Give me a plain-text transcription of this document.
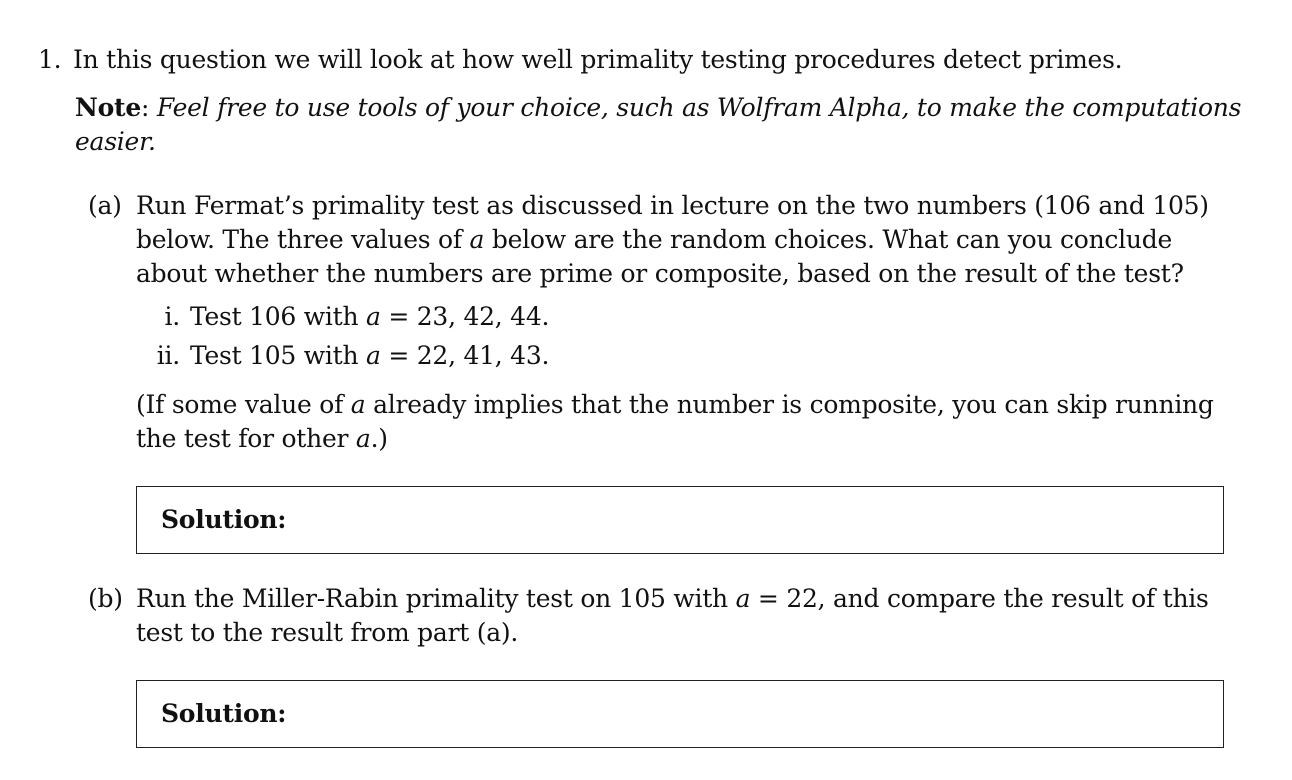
1. In this question we will look at how well primality testing procedures detect primes.
Note: Feel free to use tools of your choice, such as Wolfram Alpha, to make the computations
easier.
(a) Run Fermat’s primality test as discussed in lecture on the two numbers (106 and 105)
below. The three values of a below are the random choices. What can you conclude
about whether the numbers are prime or composite, based on the result of the test?
i. Test 106 with a = 23, 42, 44.
ii. Test 105 with a = 22, 41, 43.
(If some value of a already implies that the number is composite, you can skip running
the test for other a.)
Solution:
(b) Run the Miller-Rabin primality test on 105 with a = 22, and compare the result of this
test to the result from part (a).
Solution:
